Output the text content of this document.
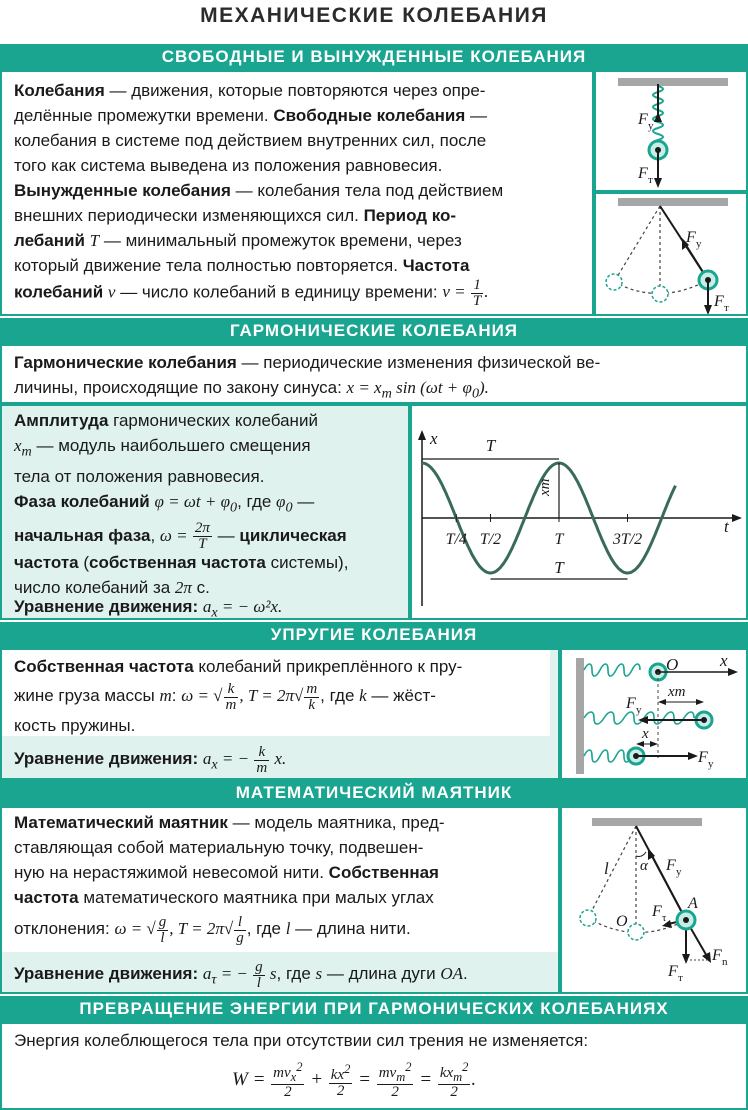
МЕХАНИЧЕСКИЕ КОЛЕБАНИЯ
СВОБОДНЫЕ И ВЫНУЖДЕННЫЕ КОЛЕБАНИЯ
Колебания — движения, которые повторяются через опре-
делённые промежутки времени. Свободные колебания —
колебания в системе под действием внутренних сил, после
того как система выведена из положения равновесия.
Вынужденные колебания — колебания тела под действием
внешних периодически изменяющихся сил. Период ко-
лебаний T — минимальный промежуток времени, через
который движение тела полностью повторяется. Частота
колебаний ν — число колебаний в единицу времени: $\nu = \frac{1}{T}$ .
F у
F т
F у
F т
ГАРМОНИЧЕСКИЕ КОЛЕБАНИЯ
Гармонические колебания — периодические изменения физической ве-
личины, происходящие по закону синуса: $x = x_m$ $\sin (\omega t + \varphi_0)$.
Амплитуда гармонических колебаний
$x_m$ — модуль наибольшего смещения
тела от положения равновесия.
Фаза колебаний $\varphi = \omega t + \varphi_0$, где $\varphi_0$ —
начальная фаза, $\omega = \frac{2\pi}{T}$ — циклическая
частота (собственная частота системы),
число колебаний за 2π с.
Уравнение движения: $a_x$ = − ω²x.
x
t
T/4 T/2	T	3T/2
T
T
xm
УПРУГИЕ КОЛЕБАНИЯ
Собственная частота колебаний прикреплённого к пру-
жине груза массы m: ω = √ $\frac{k}{m}$ , $T = 2\pi√ \frac{m}{k}$ , где k — жёст-
кость пружины.
Уравнение движения: $a_x$ = − $\frac{k}{m} x$.
O x
xm
x
F у
F у
МАТЕМАТИЧЕСКИЙ МАЯТНИК
Математический маятник — модель маятника, пред-
ставляющая собой материальную точку, подвешен-
ную на нерастяжимой невесомой нити. Собственная
частота математического маятника при малых углах
отклонения: ω = √ $\frac{g}{l}$ , $T = 2\pi√ \frac{l}{g}$ , где l — длина нити.
Уравнение движения: $a_\tau$ = − $\frac{g}{l} s$, где s — длина дуги OA.
l α
O
A
F у
F τ
F т
F n
ПРЕВРАЩЕНИЕ ЭНЕРГИИ ПРИ ГАРМОНИЧЕСКИХ КОЛЕБАНИЯХ
Энергия колеблющегося тела при отсутствии сил трения не изменяется:
$W = \frac{mv_x^2}{2} + \frac{kx^2}{2} = \frac{mv_m^2}{2} = \frac{kx_m^2}{2}$ .
